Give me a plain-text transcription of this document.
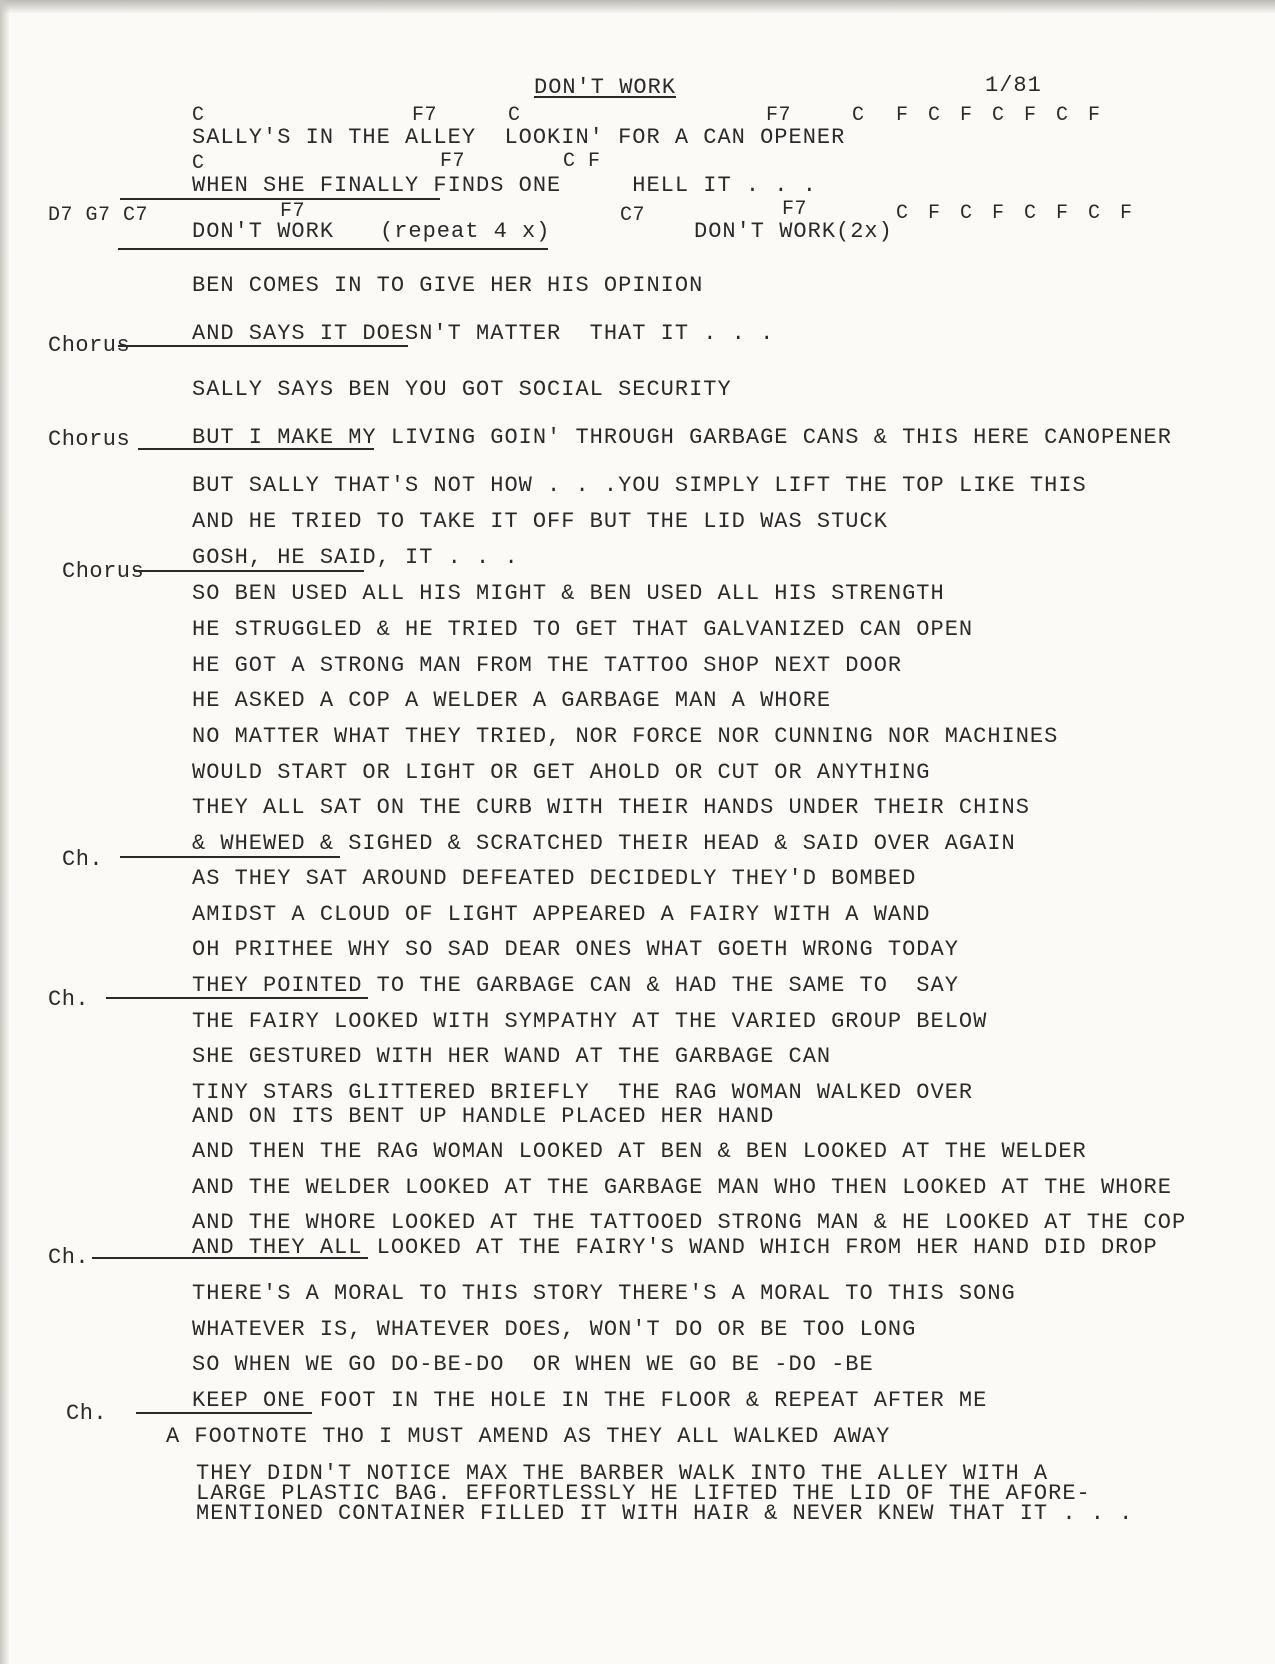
DON'T WORK	1/81
C	F7	C	F7	C F C F C F C F
SALLY'S IN THE ALLEY  LOOKIN' FOR A CAN OPENER
C	F7	C F
WHEN SHE FINALLY FINDS ONE     HELL IT . . .
D7 G7 C7	F7	C7	F7	C F C F C F C F
DON'T WORK (repeat 4 x)	DON'T WORK(2x)
BEN COMES IN TO GIVE HER HIS OPINION
AND SAYS IT DOESN'T MATTER  THAT IT . . .
Chorus
SALLY SAYS BEN YOU GOT SOCIAL SECURITY
Chorus	BUT I MAKE MY LIVING GOIN' THROUGH GARBAGE CANS & THIS HERE CANOPENER
BUT SALLY THAT'S NOT HOW . . .YOU SIMPLY LIFT THE TOP LIKE THIS
AND HE TRIED TO TAKE IT OFF BUT THE LID WAS STUCK
GOSH, HE SAID, IT . . .
Chorus
SO BEN USED ALL HIS MIGHT & BEN USED ALL HIS STRENGTH
HE STRUGGLED & HE TRIED TO GET THAT GALVANIZED CAN OPEN
HE GOT A STRONG MAN FROM THE TATTOO SHOP NEXT DOOR
HE ASKED A COP A WELDER A GARBAGE MAN A WHORE
NO MATTER WHAT THEY TRIED, NOR FORCE NOR CUNNING NOR MACHINES
WOULD START OR LIGHT OR GET AHOLD OR CUT OR ANYTHING
THEY ALL SAT ON THE CURB WITH THEIR HANDS UNDER THEIR CHINS
& WHEWED & SIGHED & SCRATCHED THEIR HEAD & SAID OVER AGAIN
Ch.
AS THEY SAT AROUND DEFEATED DECIDEDLY THEY'D BOMBED
AMIDST A CLOUD OF LIGHT APPEARED A FAIRY WITH A WAND
OH PRITHEE WHY SO SAD DEAR ONES WHAT GOETH WRONG TODAY
THEY POINTED TO THE GARBAGE CAN & HAD THE SAME TO  SAY
Ch.
THE FAIRY LOOKED WITH SYMPATHY AT THE VARIED GROUP BELOW
SHE GESTURED WITH HER WAND AT THE GARBAGE CAN
TINY STARS GLITTERED BRIEFLY  THE RAG WOMAN WALKED OVER
AND ON ITS BENT UP HANDLE PLACED HER HAND
AND THEN THE RAG WOMAN LOOKED AT BEN & BEN LOOKED AT THE WELDER
AND THE WELDER LOOKED AT THE GARBAGE MAN WHO THEN LOOKED AT THE WHORE
AND THE WHORE LOOKED AT THE TATTOOED STRONG MAN & HE LOOKED AT THE COP
AND THEY ALL LOOKED AT THE FAIRY'S WAND WHICH FROM HER HAND DID DROP
Ch.
THERE'S A MORAL TO THIS STORY THERE'S A MORAL TO THIS SONG
WHATEVER IS, WHATEVER DOES, WON'T DO OR BE TOO LONG
SO WHEN WE GO DO-BE-DO  OR WHEN WE GO BE -DO -BE
KEEP ONE FOOT IN THE HOLE IN THE FLOOR & REPEAT AFTER ME
Ch.
A FOOTNOTE THO I MUST AMEND AS THEY ALL WALKED AWAY
THEY DIDN'T NOTICE MAX THE BARBER WALK INTO THE ALLEY WITH A
LARGE PLASTIC BAG. EFFORTLESSLY HE LIFTED THE LID OF THE AFORE-
MENTIONED CONTAINER FILLED IT WITH HAIR & NEVER KNEW THAT IT . . .
